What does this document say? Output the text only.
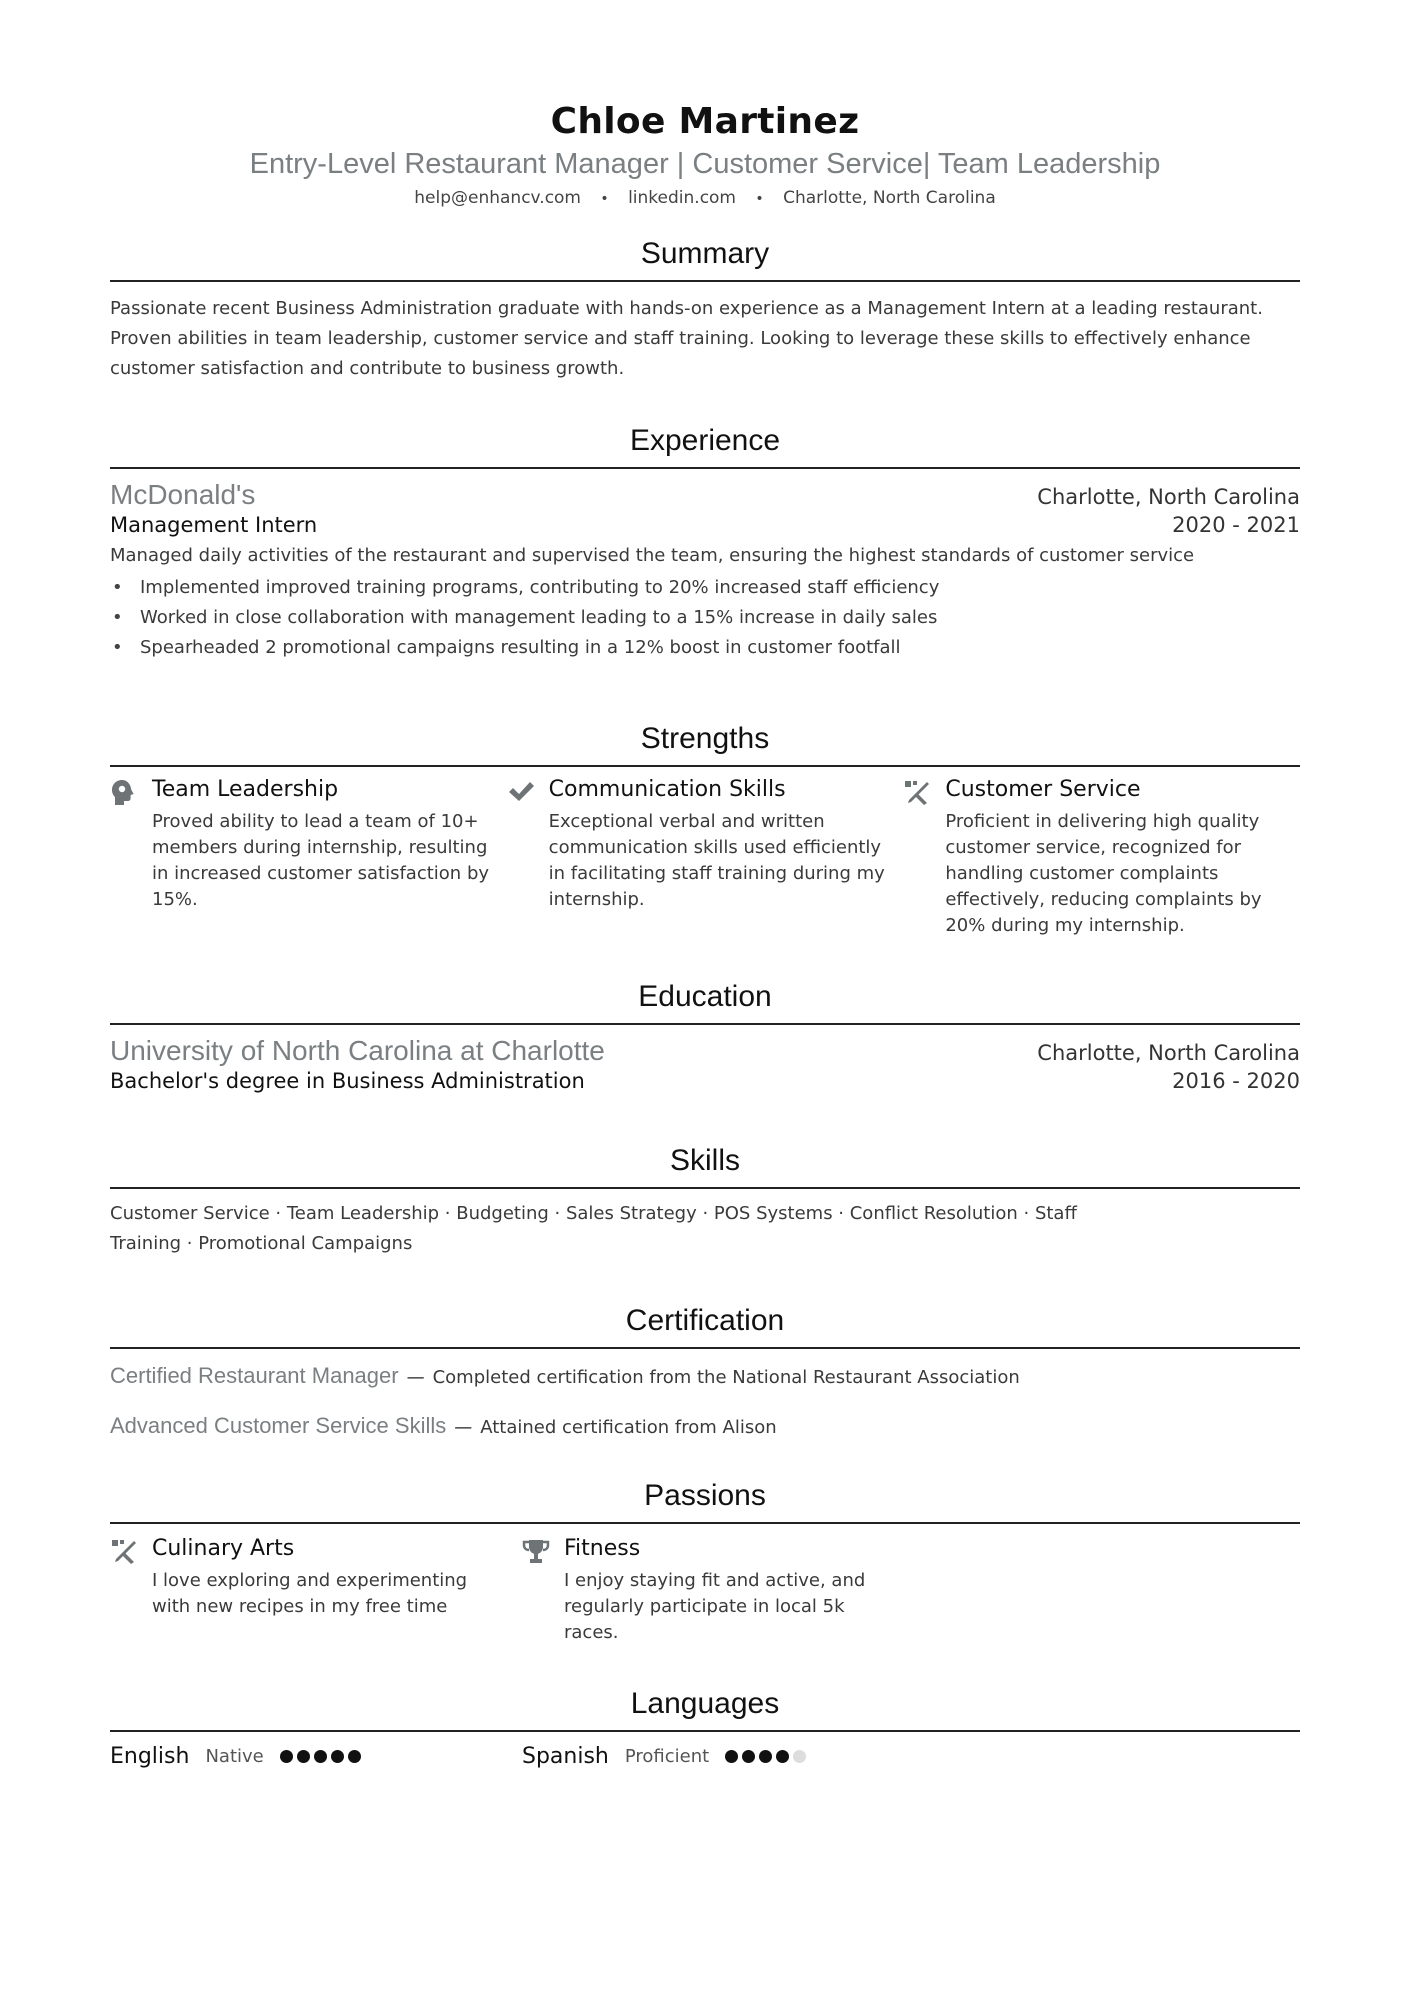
Chloe Martinez
Entry-Level Restaurant Manager | Customer Service| Team Leadership
help@enhancv.com • linkedin.com • Charlotte, North Carolina
Summary
Passionate recent Business Administration graduate with hands-on experience as a Management Intern at a leading restaurant. Proven abilities in team leadership, customer service and staff training. Looking to leverage these skills to effectively enhance customer satisfaction and contribute to business growth.
Experience
McDonald's	Charlotte, North Carolina
Management Intern	2020 - 2021
Managed daily activities of the restaurant and supervised the team, ensuring the highest standards of customer service
• Implemented improved training programs, contributing to 20% increased staff efficiency
• Worked in close collaboration with management leading to a 15% increase in daily sales
• Spearheaded 2 promotional campaigns resulting in a 12% boost in customer footfall
Strengths
Team Leadership
Proved ability to lead a team of 10+ members during internship, resulting in increased customer satisfaction by 15%.
Communication Skills
Exceptional verbal and written communication skills used efficiently in facilitating staff training during my internship.
Customer Service
Proficient in delivering high quality customer service, recognized for handling customer complaints effectively, reducing complaints by 20% during my internship.
Education
University of North Carolina at Charlotte	Charlotte, North Carolina
Bachelor's degree in Business Administration	2016 - 2020
Skills
Customer Service · Team Leadership · Budgeting · Sales Strategy · POS Systems · Conflict Resolution · Staff Training · Promotional Campaigns
Certification
Certified Restaurant Manager — Completed certification from the National Restaurant Association
Advanced Customer Service Skills — Attained certification from Alison
Passions
Culinary Arts
I love exploring and experimenting with new recipes in my free time
Fitness
I enjoy staying fit and active, and regularly participate in local 5k races.
Languages
English Native	Spanish Proficient
